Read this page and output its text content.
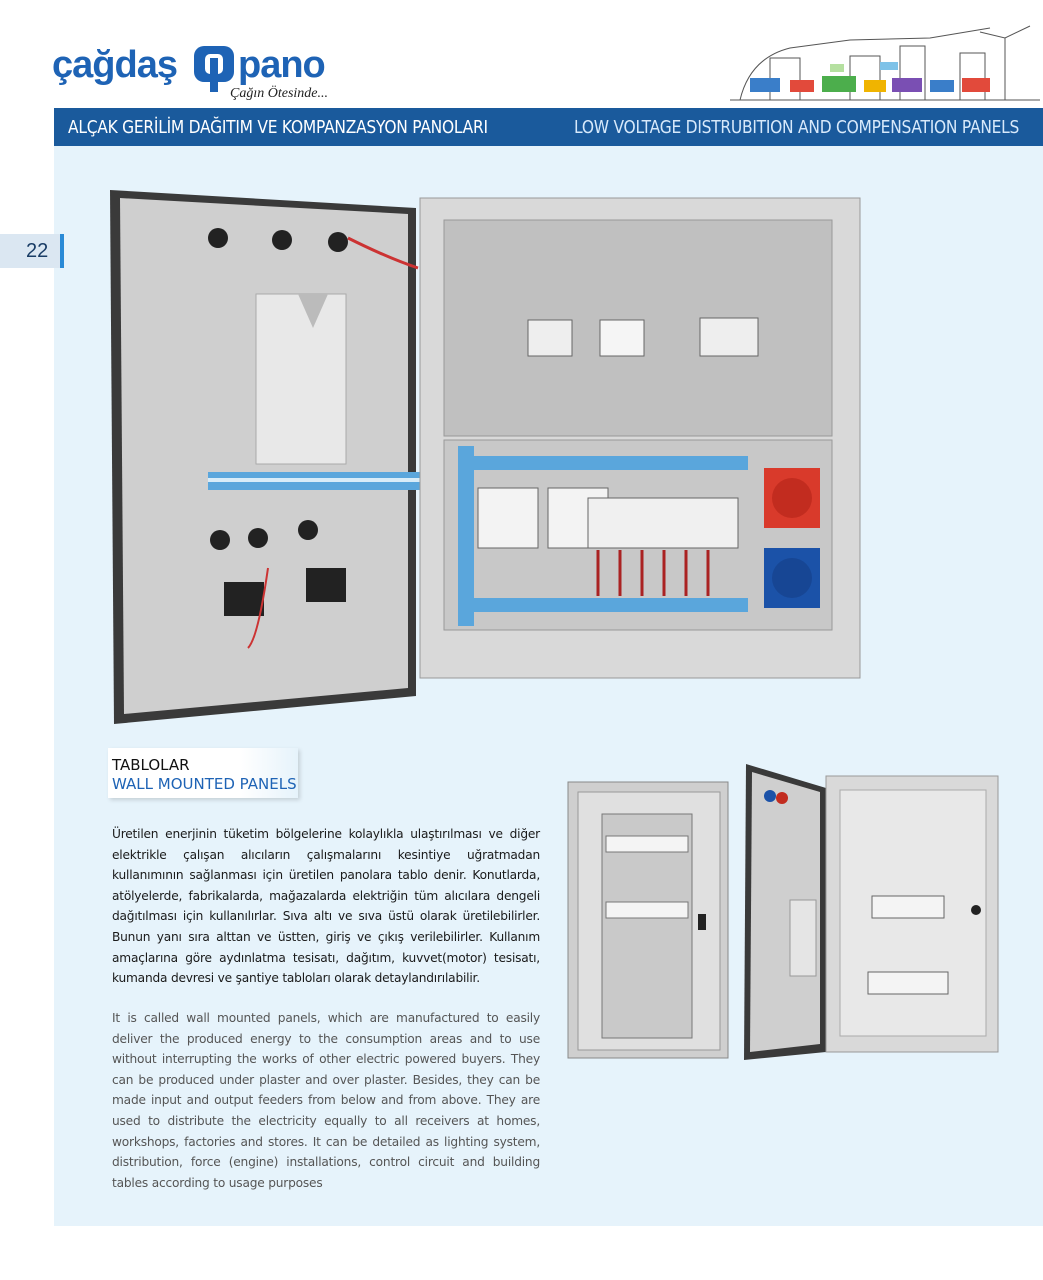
çağdaş pano
Çağın Ötesinde...
ALÇAK GERİLİM DAĞITIM VE KOMPANZASYON PANOLARI	LOW VOLTAGE DISTRUBITION AND COMPENSATION PANELS
22
TABLOLAR
WALL MOUNTED PANELS
Üretilen enerjinin tüketim bölgelerine kolaylıkla ulaştırılması ve diğer elektrikle çalışan alıcıların çalışmalarını kesintiye uğratmadan kullanımının sağlanması için üretilen panolara tablo denir. Konutlarda, atölyelerde, fabrikalarda, mağazalarda elektriğin tüm alıcılara dengeli dağıtılması için kullanılırlar. Sıva altı ve sıva üstü olarak üretilebilirler. Bunun yanı sıra alttan ve üstten, giriş ve çıkış verilebilirler. Kullanım amaçlarına göre aydınlatma tesisatı, dağıtım, kuvvet(motor) tesisatı, kumanda devresi ve şantiye tabloları olarak detaylandırılabilir.
It is called wall mounted panels, which are manufactured to easily deliver the produced energy to the consumption areas and to use without interrupting the works of other electric powered buyers. They can be produced under plaster and over plaster. Besides, they can be made input and output feeders from below and from above. They are used to distribute the electricity equally to all receivers at homes, workshops, factories and stores. It can be detailed as lighting system, distribution, force (engine) installations, control circuit and building tables according to usage purposes
